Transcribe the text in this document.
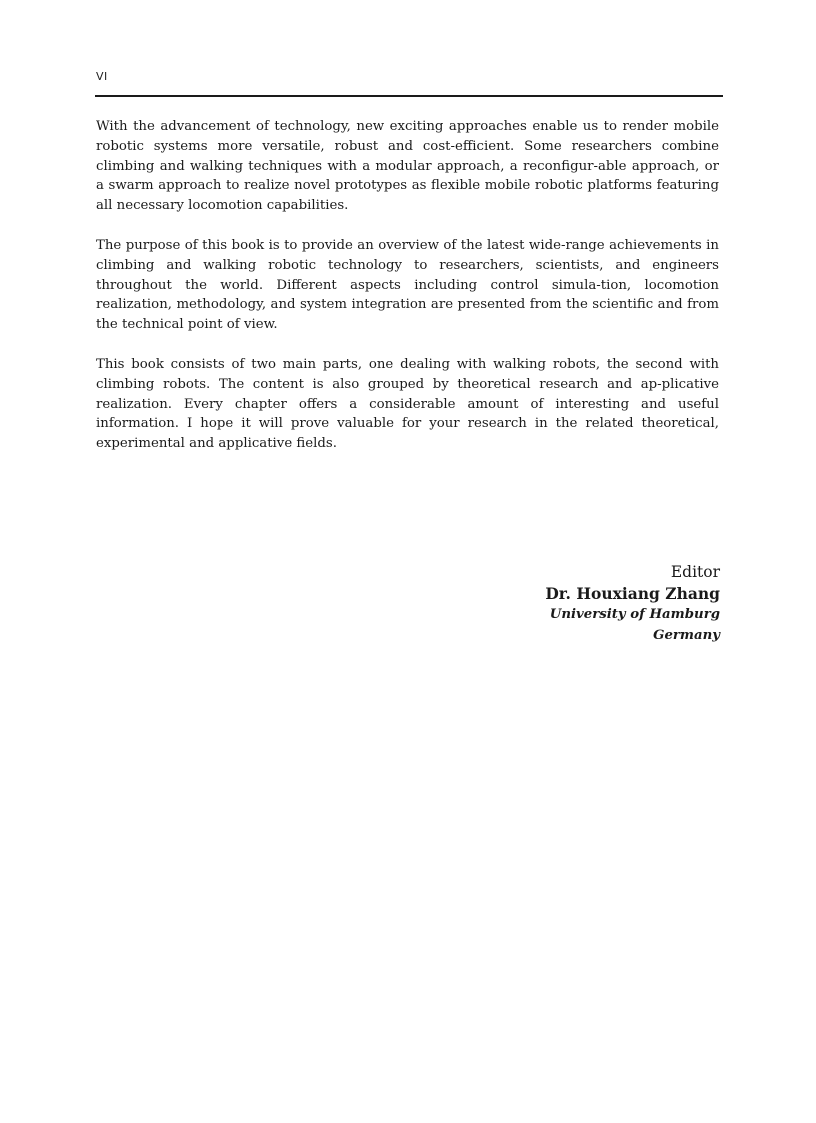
VI

With the advancement of technology, new exciting approaches enable us to render mobile robotic systems more versatile, robust and cost-efficient. Some researchers combine climbing and walking techniques with a modular approach, a reconfigur-able approach, or a swarm approach to realize novel prototypes as flexible mobile robotic platforms featuring all necessary locomotion capabilities.

The purpose of this book is to provide an overview of the latest wide-range achievements in climbing and walking robotic technology to researchers, scientists, and engineers throughout the world. Different aspects including control simula-tion, locomotion realization, methodology, and system integration are presented from the scientific and from the technical point of view.

This book consists of two main parts, one dealing with walking robots, the second with climbing robots. The content is also grouped by theoretical research and ap-plicative realization. Every chapter offers a considerable amount of interesting and useful information. I hope it will prove valuable for your research in the related theoretical, experimental and applicative fields.

Editor
Dr. Houxiang Zhang
University of Hamburg
Germany
